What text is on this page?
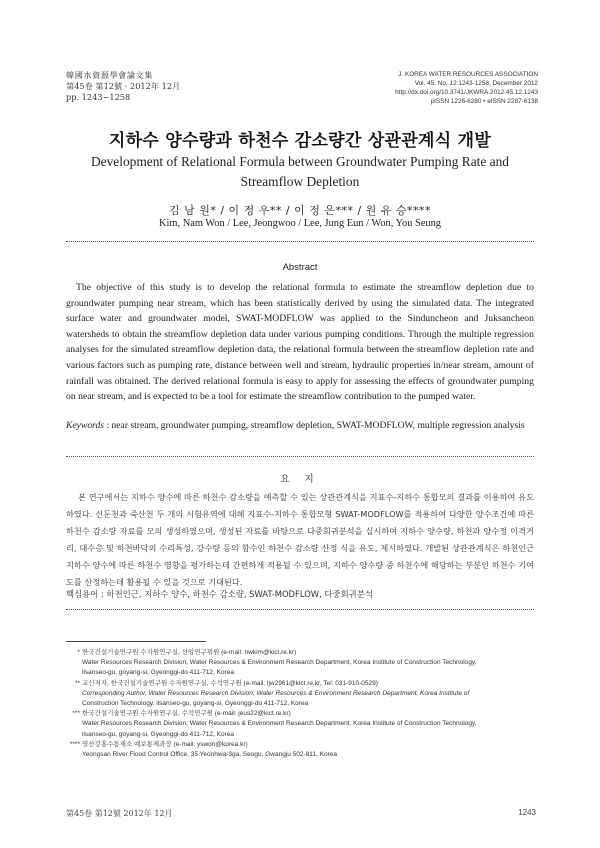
韓國水資源學會論文集
第45卷 第12號 · 2012年 12月
pp. 1243~1258
J. KOREA WATER RESOURCES ASSOCIATION
Vol. 45, No. 12:1243-1258, December 2012
http://dx.doi.org/10.3741/JKWRA.2012.45.12.1243
pISSN 1226-6280 • eISSN 2287-6138
지하수 양수량과 하천수 감소량간 상관관계식 개발
Development of Relational Formula between Groundwater Pumping Rate and Streamflow Depletion
김 남 원* / 이 정 우** / 이 정 은*** / 원 유 승****
Kim, Nam Won / Lee, Jeongwoo / Lee, Jung Eun / Won, You Seung
Abstract
The objective of this study is to develop the relational formula to estimate the streamflow depletion due to groundwater pumping near stream, which has been statistically derived by using the simulated data. The integrated surface water and groundwater model, SWAT-MODFLOW was applied to the Sinduncheon and Juksancheon watersheds to obtain the streamflow depletion data under various pumping conditions. Through the multiple regression analyses for the simulated streamflow depletion data, the relational formula between the streamflow depletion rate and various factors such as pumping rate, distance between well and stream, hydraulic properties in/near stream, amount of rainfall was obtained. The derived relational formula is easy to apply for assessing the effects of groundwater pumping on near stream, and is expected to be a tool for estimate the streamflow contribution to the pumped water.
Keywords : near stream, groundwater pumping, streamflow depletion, SWAT-MODFLOW, multiple regression analysis
요 지
본 연구에서는 지하수 양수에 따른 하천수 감소량을 예측할 수 있는 상관관계식을 지표수-지하수 통합모의 결과를 이용하여 유도하였다. 신둔천과 죽산천 두 개의 시험유역에 대해 지표수-지하수 통합모형 SWAT-MODFLOW를 적용하여 다양한 양수조건에 따른 하천수 감소량 자료를 모의 생성하였으며, 생성된 자료를 바탕으로 다중회귀분석을 실시하여 지하수 양수량, 하천과 양수정 이격거리, 대수층 및 하천바닥의 수리특성, 강수량 등의 함수인 하천수 감소량 산정 식을 유도, 제시하였다. 개발된 상관관계식은 하천인근 지하수 양수에 따른 하천수 영향을 평가하는데 간편하게 적용될 수 있으며, 지하수 양수량 중 하천수에 해당하는 부분인 하천수 기여도를 산정하는데 활용될 수 있을 것으로 기대된다.
핵심용어 : 하천인근, 지하수 양수, 하천수 감소량, SWAT-MODFLOW, 다중회귀분석
* 한국건설기술연구원 수자원연구실, 선임연구위원 (e-mail: nwkim@kict.re.kr)
Water Resources Research Division, Water Resources & Environment Research Department, Korea Institute of Construction Technology,
ilsanseo-gu, goyang-si, Gyeonggi-do 411-712, Korea
** 교신저자, 한국건설기술연구원 수자원연구실, 수석연구원 (e-mail: ljw2961@kict.re.kr, Tel: 031-910-0529)
Corresponding Author, Water Resources Research Division, Water Resources & Environment Research Department, Korea Institute of
Construction Technology, ilsanseo-gu, goyang-si, Gyeonggi-do 411-712, Korea
*** 한국건설기술연구원 수자원연구실, 수석연구원 (e-mail: jeus22@kict.re.kr)
Water Resources Research Division, Water Resources & Environment Research Department, Korea Institute of Construction Technology,
ilsanseo-gu, goyang-si, Gyeonggi-do 411-712, Korea
**** 영산강홍수통제소 예보통제과장 (e-mail: yswon@korea.kr)
Yeongsan River Flood Control Office, 35 Yeonhwa-3ga, Seogu, Gwangju 502-811, Korea
第45卷 第12號 2012年 12月	1243
